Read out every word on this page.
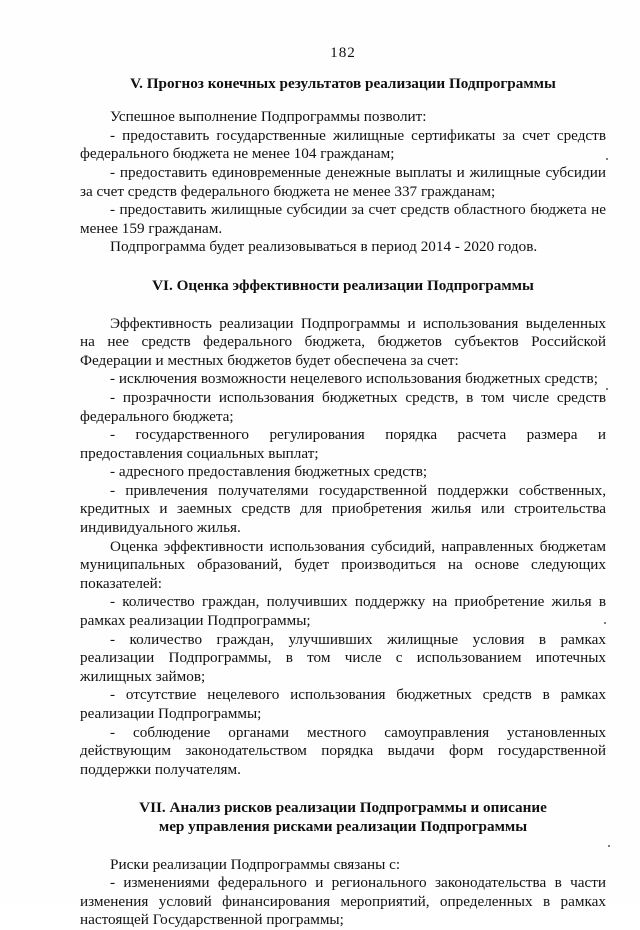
182
V. Прогноз конечных результатов реализации Подпрограммы

Успешное выполнение Подпрограммы позволит:

- предоставить государственные жилищные сертификаты за счет средств федерального бюджета не менее 104 гражданам;

- предоставить единовременные денежные выплаты и жилищные субсидии за счет средств федерального бюджета не менее 337 гражданам;

- предоставить жилищные субсидии за счет средств областного бюджета не менее 159 гражданам.

Подпрограмма будет реализовываться в период 2014 - 2020 годов.

VI. Оценка эффективности реализации Подпрограммы

Эффективность реализации Подпрограммы и использования выделенных на нее средств федерального бюджета, бюджетов субъектов Российской Федерации и местных бюджетов будет обеспечена за счет:

- исключения возможности нецелевого использования бюджетных средств;

- прозрачности использования бюджетных средств, в том числе средств федерального бюджета;

- государственного регулирования порядка расчета размера и предоставления социальных выплат;

- адресного предоставления бюджетных средств;

- привлечения получателями государственной поддержки собственных, кредитных и заемных средств для приобретения жилья или строительства индивидуального жилья.

Оценка эффективности использования субсидий, направленных бюджетам муниципальных образований, будет производиться на основе следующих показателей:

- количество граждан, получивших поддержку на приобретение жилья в рамках реализации Подпрограммы;

- количество граждан, улучшивших жилищные условия в рамках реализации Подпрограммы, в том числе с использованием ипотечных жилищных займов;

- отсутствие нецелевого использования бюджетных средств в рамках реализации Подпрограммы;

- соблюдение органами местного самоуправления установленных действующим законодательством порядка выдачи форм государственной поддержки получателям.

VII. Анализ рисков реализации Подпрограммы и описание
мер управления рисками реализации Подпрограммы

Риски реализации Подпрограммы связаны с:

- изменениями федерального и регионального законодательства в части изменения условий финансирования мероприятий, определенных в рамках настоящей Государственной программы;
